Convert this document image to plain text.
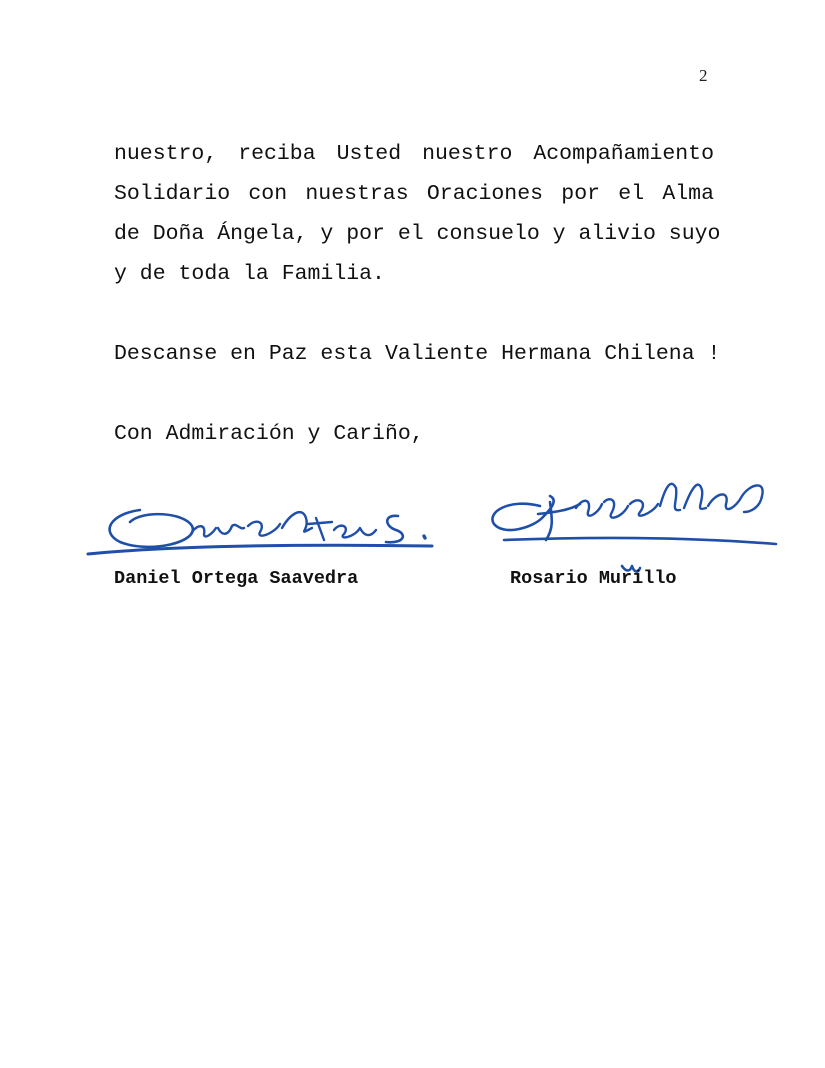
2
nuestro, reciba Usted nuestro Acompañamiento
Solidario con nuestras Oraciones por el Alma
de Doña Ángela, y por el consuelo y alivio suyo
y de toda la Familia.
Descanse en Paz esta Valiente Hermana Chilena !
Con Admiración y Cariño,
Daniel Ortega Saavedra	Rosario Murillo
